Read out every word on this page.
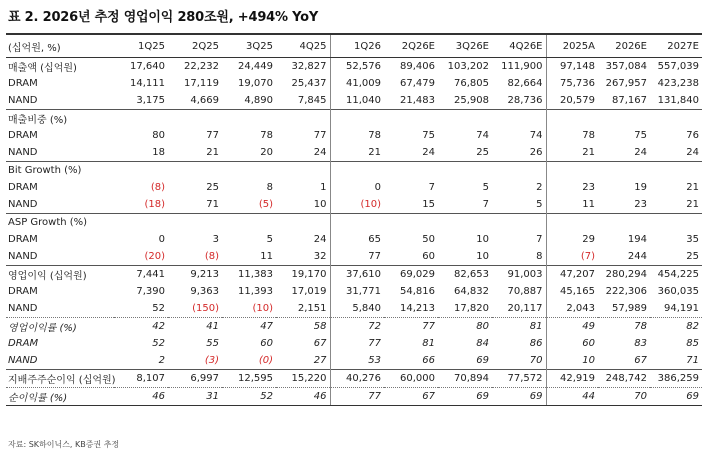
표 2. 2026년 추정 영업이익 280조원, +494% YoY
(십억원, %)	1Q25	2Q25	3Q25	4Q25	1Q26	2Q26E	3Q26E	4Q26E	2025A	2026E	2027E
매출액 (십억원)	17,640	22,232	24,449	32,827	52,576	89,406	103,202	111,900	97,148	357,084	557,039
DRAM	14,111	17,119	19,070	25,437	41,009	67,479	76,805	82,664	75,736	267,957	423,238
NAND	3,175	4,669	4,890	7,845	11,040	21,483	25,908	28,736	20,579	87,167	131,840
매출비중 (%)											
DRAM	80	77	78	77	78	75	74	74	78	75	76
NAND	18	21	20	24	21	24	25	26	21	24	24
Bit Growth (%)											
DRAM	(8)	25	8	1	0	7	5	2	23	19	21
NAND	(18)	71	(5)	10	(10)	15	7	5	11	23	21
ASP Growth (%)											
DRAM	0	3	5	24	65	50	10	7	29	194	35
NAND	(20)	(8)	11	32	77	60	10	8	(7)	244	25
영업이익 (십억원)	7,441	9,213	11,383	19,170	37,610	69,029	82,653	91,003	47,207	280,294	454,225
DRAM	7,390	9,363	11,393	17,019	31,771	54,816	64,832	70,887	45,165	222,306	360,035
NAND	52	(150)	(10)	2,151	5,840	14,213	17,820	20,117	2,043	57,989	94,191
영업이익률 (%)	42	41	47	58	72	77	80	81	49	78	82
DRAM	52	55	60	67	77	81	84	86	60	83	85
NAND	2	(3)	(0)	27	53	66	69	70	10	67	71
지배주주순이익 (십억원)	8,107	6,997	12,595	15,220	40,276	60,000	70,894	77,572	42,919	248,742	386,259
순이익률 (%)	46	31	52	46	77	67	69	69	44	70	69
자료: SK하이닉스, KB증권 추정
